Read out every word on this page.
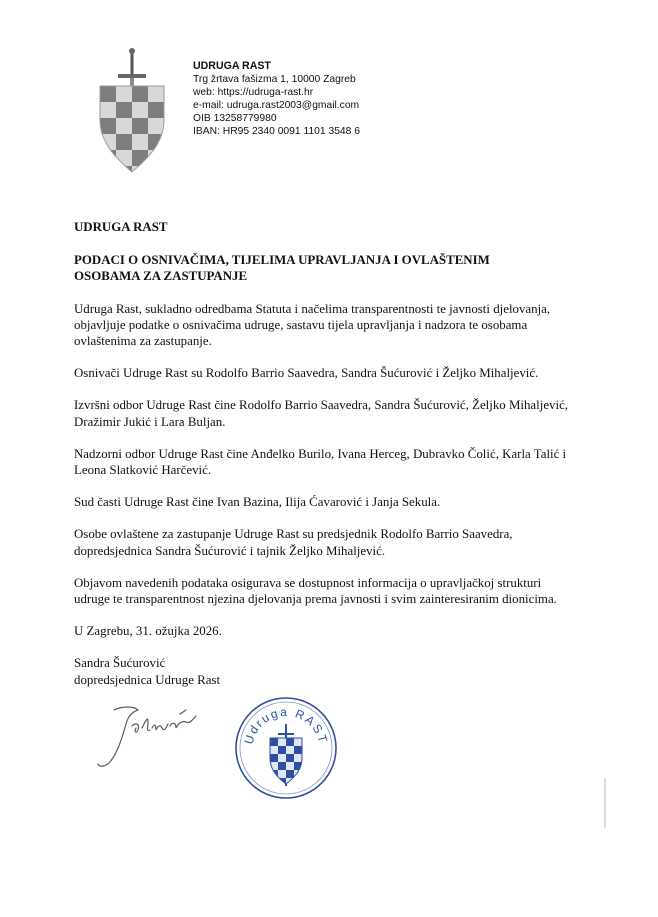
UDRUGA RAST
Trg žrtava fašizma 1, 10000 Zagreb
web: https://udruga-rast.hr
e-mail: udruga.rast2003@gmail.com
OIB 13258779980
IBAN: HR95 2340 0091 1101 3548 6

UDRUGA RAST

PODACI O OSNIVAČIMA, TIJELIMA UPRAVLJANJA I OVLAŠTENIM
OSOBAMA ZA ZASTUPANJE

Udruga Rast, sukladno odredbama Statuta i načelima transparentnosti te javnosti djelovanja, objavljuje podatke o osnivačima udruge, sastavu tijela upravljanja i nadzora te osobama ovlaštenima za zastupanje.

Osnivači Udruge Rast su Rodolfo Barrio Saavedra, Sandra Šućurović i Željko Mihaljević.

Izvršni odbor Udruge Rast čine Rodolfo Barrio Saavedra, Sandra Šućurović, Željko Mihaljević, Dražimir Jukić i Lara Buljan.

Nadzorni odbor Udruge Rast čine Anđelko Burilo, Ivana Herceg, Dubravko Čolić, Karla Talić i Leona Slatković Harčević.

Sud časti Udruge Rast čine Ivan Bazina, Ilija Ćavarović i Janja Sekula.

Osobe ovlaštene za zastupanje Udruge Rast su predsjednik Rodolfo Barrio Saavedra, dopredsjednica Sandra Šućurović i tajnik Željko Mihaljević.

Objavom navedenih podataka osigurava se dostupnost informacija o upravljačkoj strukturi udruge te transparentnost njezina djelovanja prema javnosti i svim zainteresiranim dionicima.

U Zagrebu, 31. ožujka 2026.

Sandra Šućurović
dopredsjednica Udruge Rast

Udruga RAST
